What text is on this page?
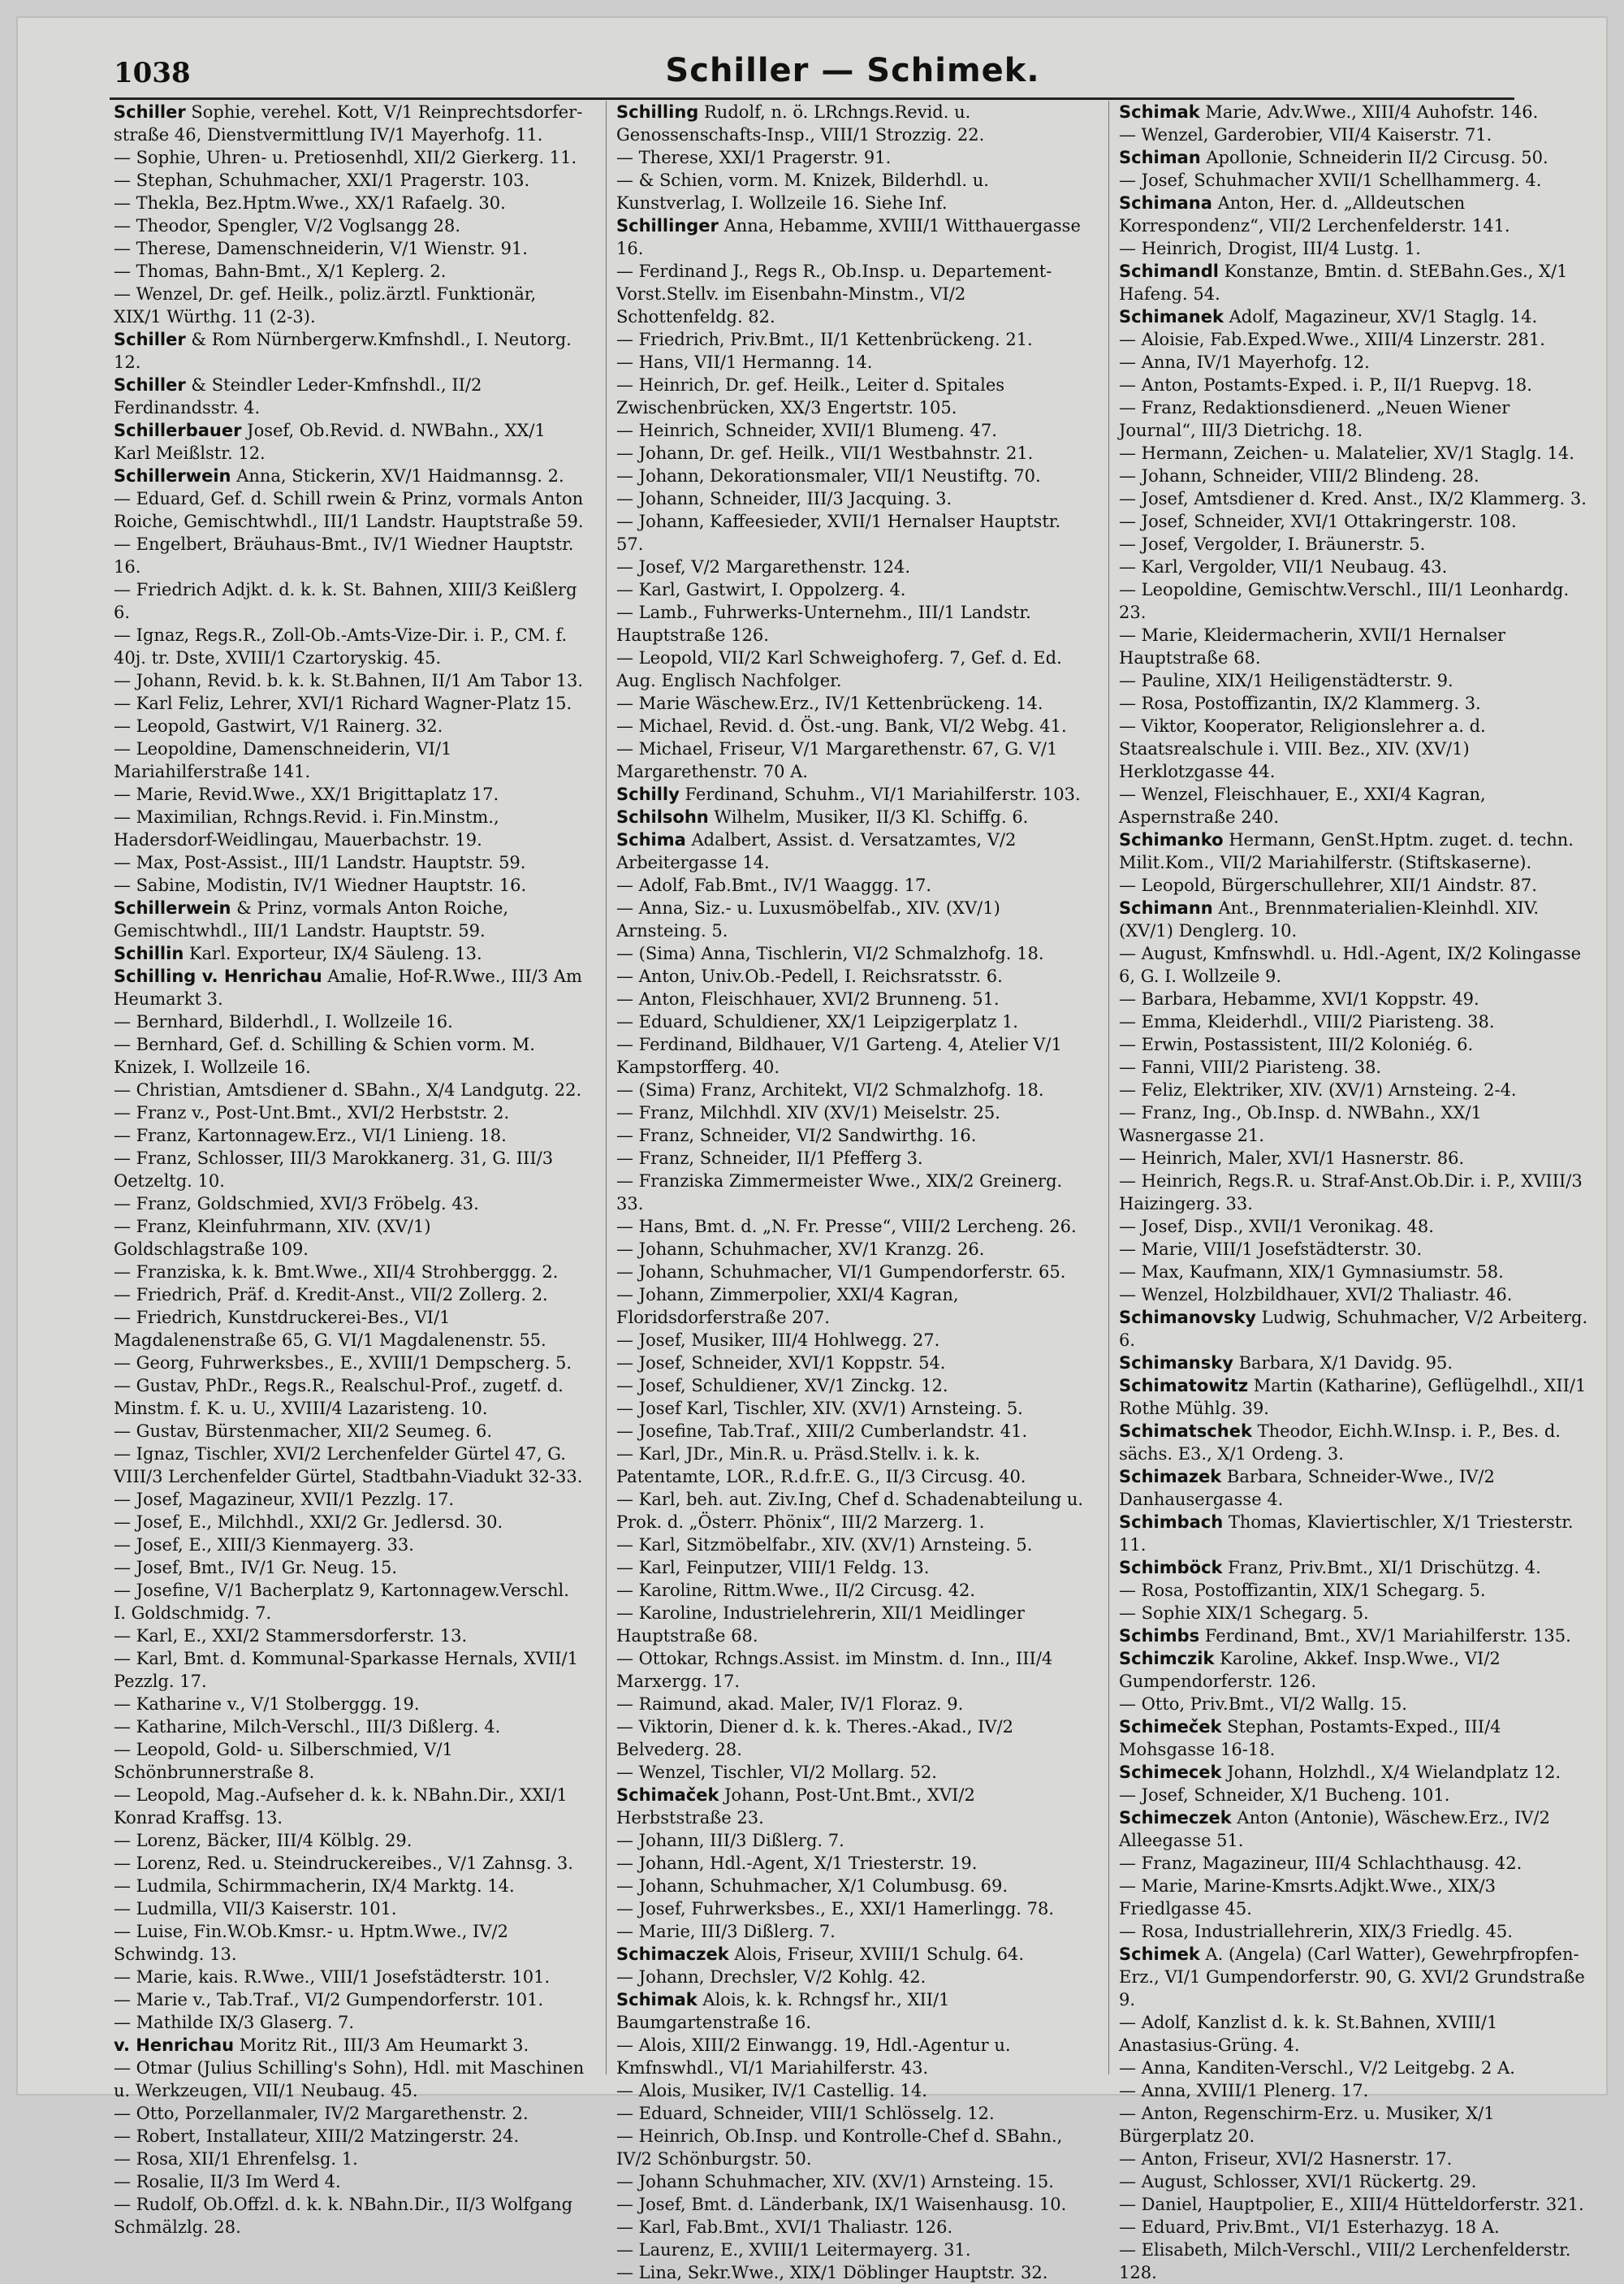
1038	Schiller — Schimek.

Schiller Sophie, verehel. Kott, V/1 Reinprechtsdorfer-straße 46, Dienstvermittlung IV/1 Mayerhofg. 11.

— Sophie, Uhren- u. Pretiosenhdl, XII/2 Gierkerg. 11.

— Stephan, Schuhmacher, XXI/1 Pragerstr. 103.

— Thekla, Bez.Hptm.Wwe., XX/1 Rafaelg. 30.

— Theodor, Spengler, V/2 Voglsangg 28.

— Therese, Damenschneiderin, V/1 Wienstr. 91.

— Thomas, Bahn-Bmt., X/1 Keplerg. 2.

— Wenzel, Dr. gef. Heilk., poliz.ärztl. Funktionär, XIX/1 Würthg. 11 (2-3).

Schiller & Rom Nürnbergerw.Kmfnshdl., I. Neutorg. 12.

Schiller & Steindler Leder-Kmfnshdl., II/2 Ferdinandsstr. 4.

Schillerbauer Josef, Ob.Revid. d. NWBahn., XX/1 Karl Meißlstr. 12.

Schillerwein Anna, Stickerin, XV/1 Haidmannsg. 2.

— Eduard, Gef. d. Schill rwein & Prinz, vormals Anton Roiche, Gemischtwhdl., III/1 Landstr. Hauptstraße 59.

— Engelbert, Bräuhaus-Bmt., IV/1 Wiedner Hauptstr. 16.

— Friedrich Adjkt. d. k. k. St. Bahnen, XIII/3 Keißlerg 6.

— Ignaz, Regs.R., Zoll-Ob.-Amts-Vize-Dir. i. P., CM. f. 40j. tr. Dste, XVIII/1 Czartoryskig. 45.

— Johann, Revid. b. k. k. St.Bahnen, II/1 Am Tabor 13.

— Karl Feliz, Lehrer, XVI/1 Richard Wagner-Platz 15.

— Leopold, Gastwirt, V/1 Rainerg. 32.

— Leopoldine, Damenschneiderin, VI/1 Mariahilferstraße 141.

— Marie, Revid.Wwe., XX/1 Brigittaplatz 17.

— Maximilian, Rchngs.Revid. i. Fin.Minstm., Hadersdorf-Weidlingau, Mauerbachstr. 19.

— Max, Post-Assist., III/1 Landstr. Hauptstr. 59.

— Sabine, Modistin, IV/1 Wiedner Hauptstr. 16.

Schillerwein & Prinz, vormals Anton Roiche, Gemischtwhdl., III/1 Landstr. Hauptstr. 59.

Schillin Karl. Exporteur, IX/4 Säuleng. 13.

Schilling v. Henrichau Amalie, Hof-R.Wwe., III/3 Am Heumarkt 3.

— Bernhard, Bilderhdl., I. Wollzeile 16.

— Bernhard, Gef. d. Schilling & Schien vorm. M. Knizek, I. Wollzeile 16.

— Christian, Amtsdiener d. SBahn., X/4 Landgutg. 22.

— Franz v., Post-Unt.Bmt., XVI/2 Herbststr. 2.

— Franz, Kartonnagew.Erz., VI/1 Linieng. 18.

— Franz, Schlosser, III/3 Marokkanerg. 31, G. III/3 Oetzeltg. 10.

— Franz, Goldschmied, XVI/3 Fröbelg. 43.

— Franz, Kleinfuhrmann, XIV. (XV/1) Goldschlagstraße 109.

— Franziska, k. k. Bmt.Wwe., XII/4 Strohberggg. 2.

— Friedrich, Präf. d. Kredit-Anst., VII/2 Zollerg. 2.

— Friedrich, Kunstdruckerei-Bes., VI/1 Magdalenenstraße 65, G. VI/1 Magdalenenstr. 55.

— Georg, Fuhrwerksbes., E., XVIII/1 Dempscherg. 5.

— Gustav, PhDr., Regs.R., Realschul-Prof., zugetf. d. Minstm. f. K. u. U., XVIII/4 Lazaristeng. 10.

— Gustav, Bürstenmacher, XII/2 Seumeg. 6.

— Ignaz, Tischler, XVI/2 Lerchenfelder Gürtel 47, G. VIII/3 Lerchenfelder Gürtel, Stadtbahn-Viadukt 32-33.

— Josef, Magazineur, XVII/1 Pezzlg. 17.

— Josef, E., Milchhdl., XXI/2 Gr. Jedlersd. 30.

— Josef, E., XIII/3 Kienmayerg. 33.

— Josef, Bmt., IV/1 Gr. Neug. 15.

— Josefine, V/1 Bacherplatz 9, Kartonnagew.Verschl. I. Goldschmidg. 7.

— Karl, E., XXI/2 Stammersdorferstr. 13.

— Karl, Bmt. d. Kommunal-Sparkasse Hernals, XVII/1 Pezzlg. 17.

— Katharine v., V/1 Stolberggg. 19.

— Katharine, Milch-Verschl., III/3 Dißlerg. 4.

— Leopold, Gold- u. Silberschmied, V/1 Schönbrunnerstraße 8.

— Leopold, Mag.-Aufseher d. k. k. NBahn.Dir., XXI/1 Konrad Kraffsg. 13.

— Lorenz, Bäcker, III/4 Kölblg. 29.

— Lorenz, Red. u. Steindruckereibes., V/1 Zahnsg. 3.

— Ludmila, Schirmmacherin, IX/4 Marktg. 14.

— Ludmilla, VII/3 Kaiserstr. 101.

— Luise, Fin.W.Ob.Kmsr.- u. Hptm.Wwe., IV/2 Schwindg. 13.

— Marie, kais. R.Wwe., VIII/1 Josefstädterstr. 101.

— Marie v., Tab.Traf., VI/2 Gumpendorferstr. 101.

— Mathilde IX/3 Glaserg. 7.

v. Henrichau Moritz Rit., III/3 Am Heumarkt 3.

— Otmar (Julius Schilling's Sohn), Hdl. mit Maschinen u. Werkzeugen, VII/1 Neubaug. 45.

— Otto, Porzellanmaler, IV/2 Margarethenstr. 2.

— Robert, Installateur, XIII/2 Matzingerstr. 24.

— Rosa, XII/1 Ehrenfelsg. 1.

— Rosalie, II/3 Im Werd 4.

— Rudolf, Ob.Offzl. d. k. k. NBahn.Dir., II/3 Wolfgang Schmälzlg. 28.

Schilling Rudolf, n. ö. LRchngs.Revid. u. Genossenschafts-Insp., VIII/1 Strozzig. 22.

— Therese, XXI/1 Pragerstr. 91.

— & Schien, vorm. M. Knizek, Bilderhdl. u. Kunstverlag, I. Wollzeile 16. Siehe Inf.

Schillinger Anna, Hebamme, XVIII/1 Witthauergasse 16.

— Ferdinand J., Regs R., Ob.Insp. u. Departement-Vorst.Stellv. im Eisenbahn-Minstm., VI/2 Schottenfeldg. 82.

— Friedrich, Priv.Bmt., II/1 Kettenbrückeng. 21.

— Hans, VII/1 Hermanng. 14.

— Heinrich, Dr. gef. Heilk., Leiter d. Spitales Zwischenbrücken, XX/3 Engertstr. 105.

— Heinrich, Schneider, XVII/1 Blumeng. 47.

— Johann, Dr. gef. Heilk., VII/1 Westbahnstr. 21.

— Johann, Dekorationsmaler, VII/1 Neustiftg. 70.

— Johann, Schneider, III/3 Jacquing. 3.

— Johann, Kaffeesieder, XVII/1 Hernalser Hauptstr. 57.

— Josef, V/2 Margarethenstr. 124.

— Karl, Gastwirt, I. Oppolzerg. 4.

— Lamb., Fuhrwerks-Unternehm., III/1 Landstr. Hauptstraße 126.

— Leopold, VII/2 Karl Schweighoferg. 7, Gef. d. Ed. Aug. Englisch Nachfolger.

— Marie Wäschew.Erz., IV/1 Kettenbrückeng. 14.

— Michael, Revid. d. Öst.-ung. Bank, VI/2 Webg. 41.

— Michael, Friseur, V/1 Margarethenstr. 67, G. V/1 Margarethenstr. 70 A.

Schilly Ferdinand, Schuhm., VI/1 Mariahilferstr. 103.

Schilsohn Wilhelm, Musiker, II/3 Kl. Schiffg. 6.

Schima Adalbert, Assist. d. Versatzamtes, V/2 Arbeitergasse 14.

— Adolf, Fab.Bmt., IV/1 Waaggg. 17.

— Anna, Siz.- u. Luxusmöbelfab., XIV. (XV/1) Arnsteing. 5.

— (Sima) Anna, Tischlerin, VI/2 Schmalzhofg. 18.

— Anton, Univ.Ob.-Pedell, I. Reichsratsstr. 6.

— Anton, Fleischhauer, XVI/2 Brunneng. 51.

— Eduard, Schuldiener, XX/1 Leipzigerplatz 1.

— Ferdinand, Bildhauer, V/1 Garteng. 4, Atelier V/1 Kampstorfferg. 40.

— (Sima) Franz, Architekt, VI/2 Schmalzhofg. 18.

— Franz, Milchhdl. XIV (XV/1) Meiselstr. 25.

— Franz, Schneider, VI/2 Sandwirthg. 16.

— Franz, Schneider, II/1 Pfefferg 3.

— Franziska Zimmermeister Wwe., XIX/2 Greinerg. 33.

— Hans, Bmt. d. „N. Fr. Presse“, VIII/2 Lercheng. 26.

— Johann, Schuhmacher, XV/1 Kranzg. 26.

— Johann, Schuhmacher, VI/1 Gumpendorferstr. 65.

— Johann, Zimmerpolier, XXI/4 Kagran, Floridsdorferstraße 207.

— Josef, Musiker, III/4 Hohlwegg. 27.

— Josef, Schneider, XVI/1 Koppstr. 54.

— Josef, Schuldiener, XV/1 Zinckg. 12.

— Josef Karl, Tischler, XIV. (XV/1) Arnsteing. 5.

— Josefine, Tab.Traf., XIII/2 Cumberlandstr. 41.

— Karl, JDr., Min.R. u. Präsd.Stellv. i. k. k. Patentamte, LOR., R.d.fr.E. G., II/3 Circusg. 40.

— Karl, beh. aut. Ziv.Ing, Chef d. Schadenabteilung u. Prok. d. „Österr. Phönix“, III/2 Marzerg. 1.

— Karl, Sitzmöbelfabr., XIV. (XV/1) Arnsteing. 5.

— Karl, Feinputzer, VIII/1 Feldg. 13.

— Karoline, Rittm.Wwe., II/2 Circusg. 42.

— Karoline, Industrielehrerin, XII/1 Meidlinger Hauptstraße 68.

— Ottokar, Rchngs.Assist. im Minstm. d. Inn., III/4 Marxergg. 17.

— Raimund, akad. Maler, IV/1 Floraz. 9.

— Viktorin, Diener d. k. k. Theres.-Akad., IV/2 Belvederg. 28.

— Wenzel, Tischler, VI/2 Mollarg. 52.

Schimaček Johann, Post-Unt.Bmt., XVI/2 Herbststraße 23.

— Johann, III/3 Dißlerg. 7.

— Johann, Hdl.-Agent, X/1 Triesterstr. 19.

— Johann, Schuhmacher, X/1 Columbusg. 69.

— Josef, Fuhrwerksbes., E., XXI/1 Hamerlingg. 78.

— Marie, III/3 Dißlerg. 7.

Schimaczek Alois, Friseur, XVIII/1 Schulg. 64.

— Johann, Drechsler, V/2 Kohlg. 42.

Schimak Alois, k. k. Rchngsf hr., XII/1 Baumgartenstraße 16.

— Alois, XIII/2 Einwangg. 19, Hdl.-Agentur u. Kmfnswhdl., VI/1 Mariahilferstr. 43.

— Alois, Musiker, IV/1 Castellig. 14.

— Eduard, Schneider, VIII/1 Schlösselg. 12.

— Heinrich, Ob.Insp. und Kontrolle-Chef d. SBahn., IV/2 Schönburgstr. 50.

— Johann Schuhmacher, XIV. (XV/1) Arnsteing. 15.

— Josef, Bmt. d. Länderbank, IX/1 Waisenhausg. 10.

— Karl, Fab.Bmt., XVI/1 Thaliastr. 126.

— Laurenz, E., XVIII/1 Leitermayerg. 31.

— Lina, Sekr.Wwe., XIX/1 Döblinger Hauptstr. 32.

Schimak Marie, Adv.Wwe., XIII/4 Auhofstr. 146.

— Wenzel, Garderobier, VII/4 Kaiserstr. 71.

Schiman Apollonie, Schneiderin II/2 Circusg. 50.

— Josef, Schuhmacher XVII/1 Schellhammerg. 4.

Schimana Anton, Her. d. „Alldeutschen Korrespondenz“, VII/2 Lerchenfelderstr. 141.

— Heinrich, Drogist, III/4 Lustg. 1.

Schimandl Konstanze, Bmtin. d. StEBahn.Ges., X/1 Hafeng. 54.

Schimanek Adolf, Magazineur, XV/1 Staglg. 14.

— Aloisie, Fab.Exped.Wwe., XIII/4 Linzerstr. 281.

— Anna, IV/1 Mayerhofg. 12.

— Anton, Postamts-Exped. i. P., II/1 Ruepvg. 18.

— Franz, Redaktionsdienerd. „Neuen Wiener Journal“, III/3 Dietrichg. 18.

— Hermann, Zeichen- u. Malatelier, XV/1 Staglg. 14.

— Johann, Schneider, VIII/2 Blindeng. 28.

— Josef, Amtsdiener d. Kred. Anst., IX/2 Klammerg. 3.

— Josef, Schneider, XVI/1 Ottakringerstr. 108.

— Josef, Vergolder, I. Bräunerstr. 5.

— Karl, Vergolder, VII/1 Neubaug. 43.

— Leopoldine, Gemischtw.Verschl., III/1 Leonhardg. 23.

— Marie, Kleidermacherin, XVII/1 Hernalser Hauptstraße 68.

— Pauline, XIX/1 Heiligenstädterstr. 9.

— Rosa, Postoffizantin, IX/2 Klammerg. 3.

— Viktor, Kooperator, Religionslehrer a. d. Staatsrealschule i. VIII. Bez., XIV. (XV/1) Herklotzgasse 44.

— Wenzel, Fleischhauer, E., XXI/4 Kagran, Aspernstraße 240.

Schimanko Hermann, GenSt.Hptm. zuget. d. techn. Milit.Kom., VII/2 Mariahilferstr. (Stiftskaserne).

— Leopold, Bürgerschullehrer, XII/1 Aindstr. 87.

Schimann Ant., Brennmaterialien-Kleinhdl. XIV. (XV/1) Denglerg. 10.

— August, Kmfnswhdl. u. Hdl.-Agent, IX/2 Kolingasse 6, G. I. Wollzeile 9.

— Barbara, Hebamme, XVI/1 Koppstr. 49.

— Emma, Kleiderhdl., VIII/2 Piaristeng. 38.

— Erwin, Postassistent, III/2 Koloniég. 6.

— Fanni, VIII/2 Piaristeng. 38.

— Feliz, Elektriker, XIV. (XV/1) Arnsteing. 2-4.

— Franz, Ing., Ob.Insp. d. NWBahn., XX/1 Wasnergasse 21.

— Heinrich, Maler, XVI/1 Hasnerstr. 86.

— Heinrich, Regs.R. u. Straf-Anst.Ob.Dir. i. P., XVIII/3 Haizingerg. 33.

— Josef, Disp., XVII/1 Veronikag. 48.

— Marie, VIII/1 Josefstädterstr. 30.

— Max, Kaufmann, XIX/1 Gymnasiumstr. 58.

— Wenzel, Holzbildhauer, XVI/2 Thaliastr. 46.

Schimanovsky Ludwig, Schuhmacher, V/2 Arbeiterg. 6.

Schimansky Barbara, X/1 Davidg. 95.

Schimatowitz Martin (Katharine), Geflügelhdl., XII/1 Rothe Mühlg. 39.

Schimatschek Theodor, Eichh.W.Insp. i. P., Bes. d. sächs. E3., X/1 Ordeng. 3.

Schimazek Barbara, Schneider-Wwe., IV/2 Danhausergasse 4.

Schimbach Thomas, Klaviertischler, X/1 Triesterstr. 11.

Schimböck Franz, Priv.Bmt., XI/1 Drischützg. 4.

— Rosa, Postoffizantin, XIX/1 Schegarg. 5.

— Sophie XIX/1 Schegarg. 5.

Schimbs Ferdinand, Bmt., XV/1 Mariahilferstr. 135.

Schimczik Karoline, Akkef. Insp.Wwe., VI/2 Gumpendorferstr. 126.

— Otto, Priv.Bmt., VI/2 Wallg. 15.

Schimeček Stephan, Postamts-Exped., III/4 Mohsgasse 16-18.

Schimecek Johann, Holzhdl., X/4 Wielandplatz 12.

— Josef, Schneider, X/1 Bucheng. 101.

Schimeczek Anton (Antonie), Wäschew.Erz., IV/2 Alleegasse 51.

— Franz, Magazineur, III/4 Schlachthausg. 42.

— Marie, Marine-Kmsrts.Adjkt.Wwe., XIX/3 Friedlgasse 45.

— Rosa, Industriallehrerin, XIX/3 Friedlg. 45.

Schimek A. (Angela) (Carl Watter), Gewehrpfropfen-Erz., VI/1 Gumpendorferstr. 90, G. XVI/2 Grundstraße 9.

— Adolf, Kanzlist d. k. k. St.Bahnen, XVIII/1 Anastasius-Grüng. 4.

— Anna, Kanditen-Verschl., V/2 Leitgebg. 2 A.

— Anna, XVIII/1 Plenerg. 17.

— Anton, Regenschirm-Erz. u. Musiker, X/1 Bürgerplatz 20.

— Anton, Friseur, XVI/2 Hasnerstr. 17.

— August, Schlosser, XVI/1 Rückertg. 29.

— Daniel, Hauptpolier, E., XIII/4 Hütteldorferstr. 321.

— Eduard, Priv.Bmt., VI/1 Esterhazyg. 18 A.

— Elisabeth, Milch-Verschl., VIII/2 Lerchenfelderstr. 128.
